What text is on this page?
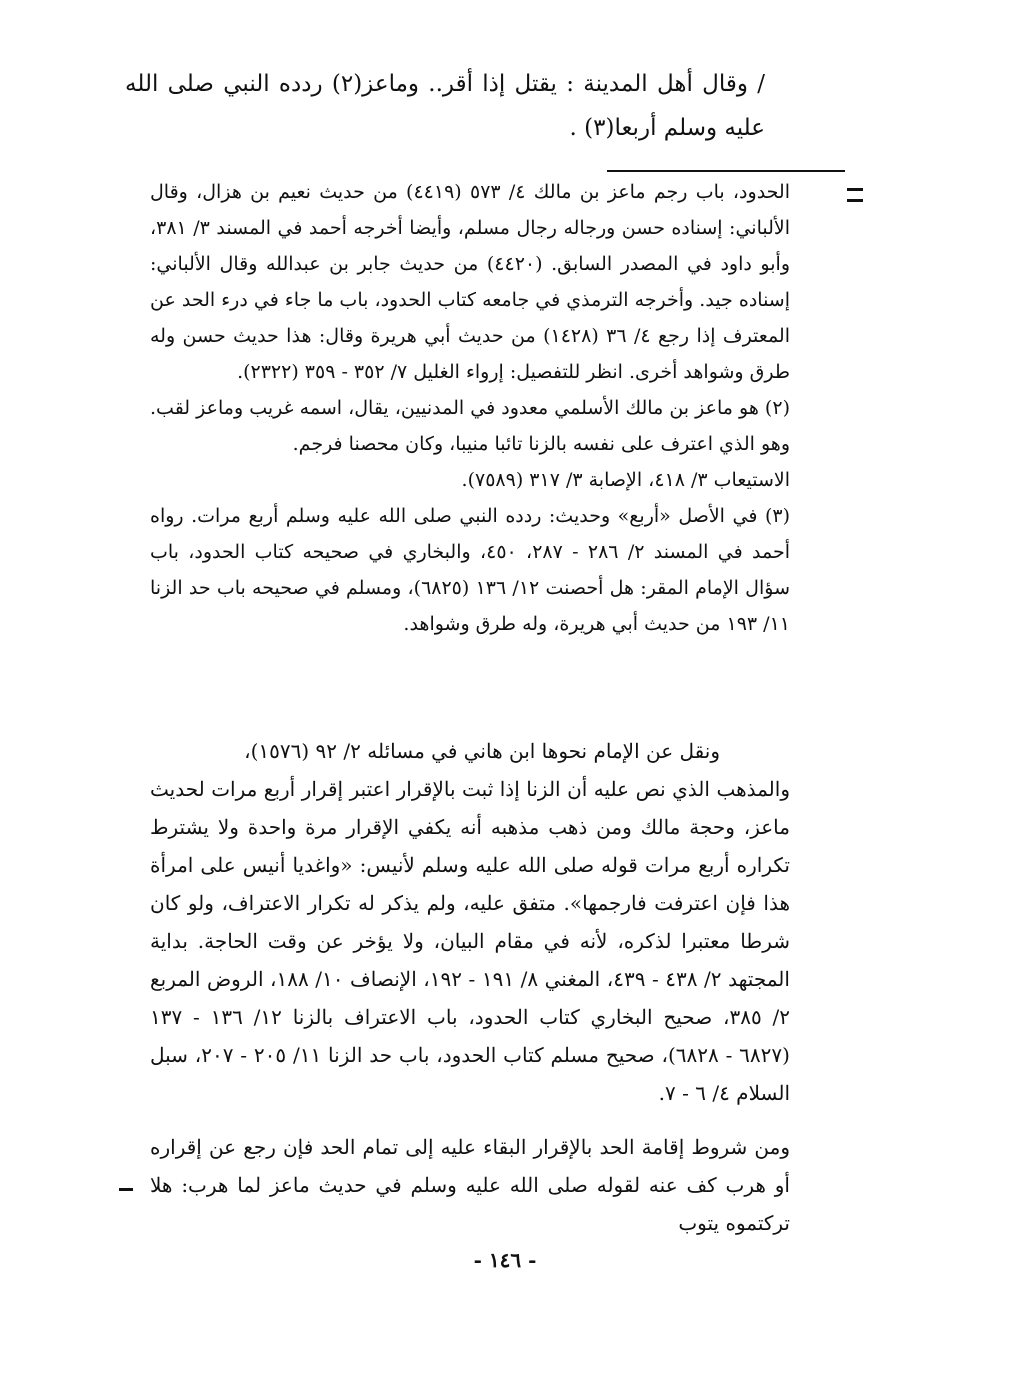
/ وقال أهل المدينة : يقتل إذا أقر.. وماعز(٢) ردده النبي صلى الله عليه وسلم أربعا(٣) .

الحدود، باب رجم ماعز بن مالك ٤/ ٥٧٣ (٤٤١٩) من حديث نعيم بن هزال، وقال الألباني: إسناده حسن ورجاله رجال مسلم، وأيضا أخرجه أحمد في المسند ٣/ ٣٨١، وأبو داود في المصدر السابق. (٤٤٢٠) من حديث جابر بن عبدالله وقال الألباني: إسناده جيد. وأخرجه الترمذي في جامعه كتاب الحدود، باب ما جاء في درء الحد عن المعترف إذا رجع ٤/ ٣٦ (١٤٢٨) من حديث أبي هريرة وقال: هذا حديث حسن وله طرق وشواهد أخرى. انظر للتفصيل: إرواء الغليل ٧/ ٣٥٢ - ٣٥٩ (٢٣٢٢).

(٢) هو ماعز بن مالك الأسلمي معدود في المدنيين، يقال، اسمه غريب وماعز لقب. وهو الذي اعترف على نفسه بالزنا تائبا منيبا، وكان محصنا فرجم.

الاستيعاب ٣/ ٤١٨، الإصابة ٣/ ٣١٧ (٧٥٨٩).

(٣) في الأصل «أربع» وحديث: ردده النبي صلى الله عليه وسلم أربع مرات. رواه أحمد في المسند ٢/ ٢٨٦ - ٢٨٧، ٤٥٠، والبخاري في صحيحه كتاب الحدود، باب سؤال الإمام المقر: هل أحصنت ١٢/ ١٣٦ (٦٨٢٥)، ومسلم في صحيحه باب حد الزنا ١١/ ١٩٣ من حديث أبي هريرة، وله طرق وشواهد.

ونقل عن الإمام نحوها ابن هاني في مسائله ٢/ ٩٢ (١٥٧٦)،

والمذهب الذي نص عليه أن الزنا إذا ثبت بالإقرار اعتبر إقرار أربع مرات لحديث ماعز، وحجة مالك ومن ذهب مذهبه أنه يكفي الإقرار مرة واحدة ولا يشترط تكراره أربع مرات قوله صلى الله عليه وسلم لأنيس: «واغديا أنيس على امرأة هذا فإن اعترفت فارجمها». متفق عليه، ولم يذكر له تكرار الاعتراف، ولو كان شرطا معتبرا لذكره، لأنه في مقام البيان، ولا يؤخر عن وقت الحاجة. بداية المجتهد ٢/ ٤٣٨ - ٤٣٩، المغني ٨/ ١٩١ - ١٩٢، الإنصاف ١٠/ ١٨٨، الروض المربع ٢/ ٣٨٥، صحيح البخاري كتاب الحدود، باب الاعتراف بالزنا ١٢/ ١٣٦ - ١٣٧ (٦٨٢٧ - ٦٨٢٨)، صحيح مسلم كتاب الحدود، باب حد الزنا ١١/ ٢٠٥ - ٢٠٧، سبل السلام ٤/ ٦ - ٧.

ومن شروط إقامة الحد بالإقرار البقاء عليه إلى تمام الحد فإن رجع عن إقراره أو هرب كف عنه لقوله صلى الله عليه وسلم في حديث ماعز لما هرب: هلا تركتموه يتوب

- ١٤٦ -
